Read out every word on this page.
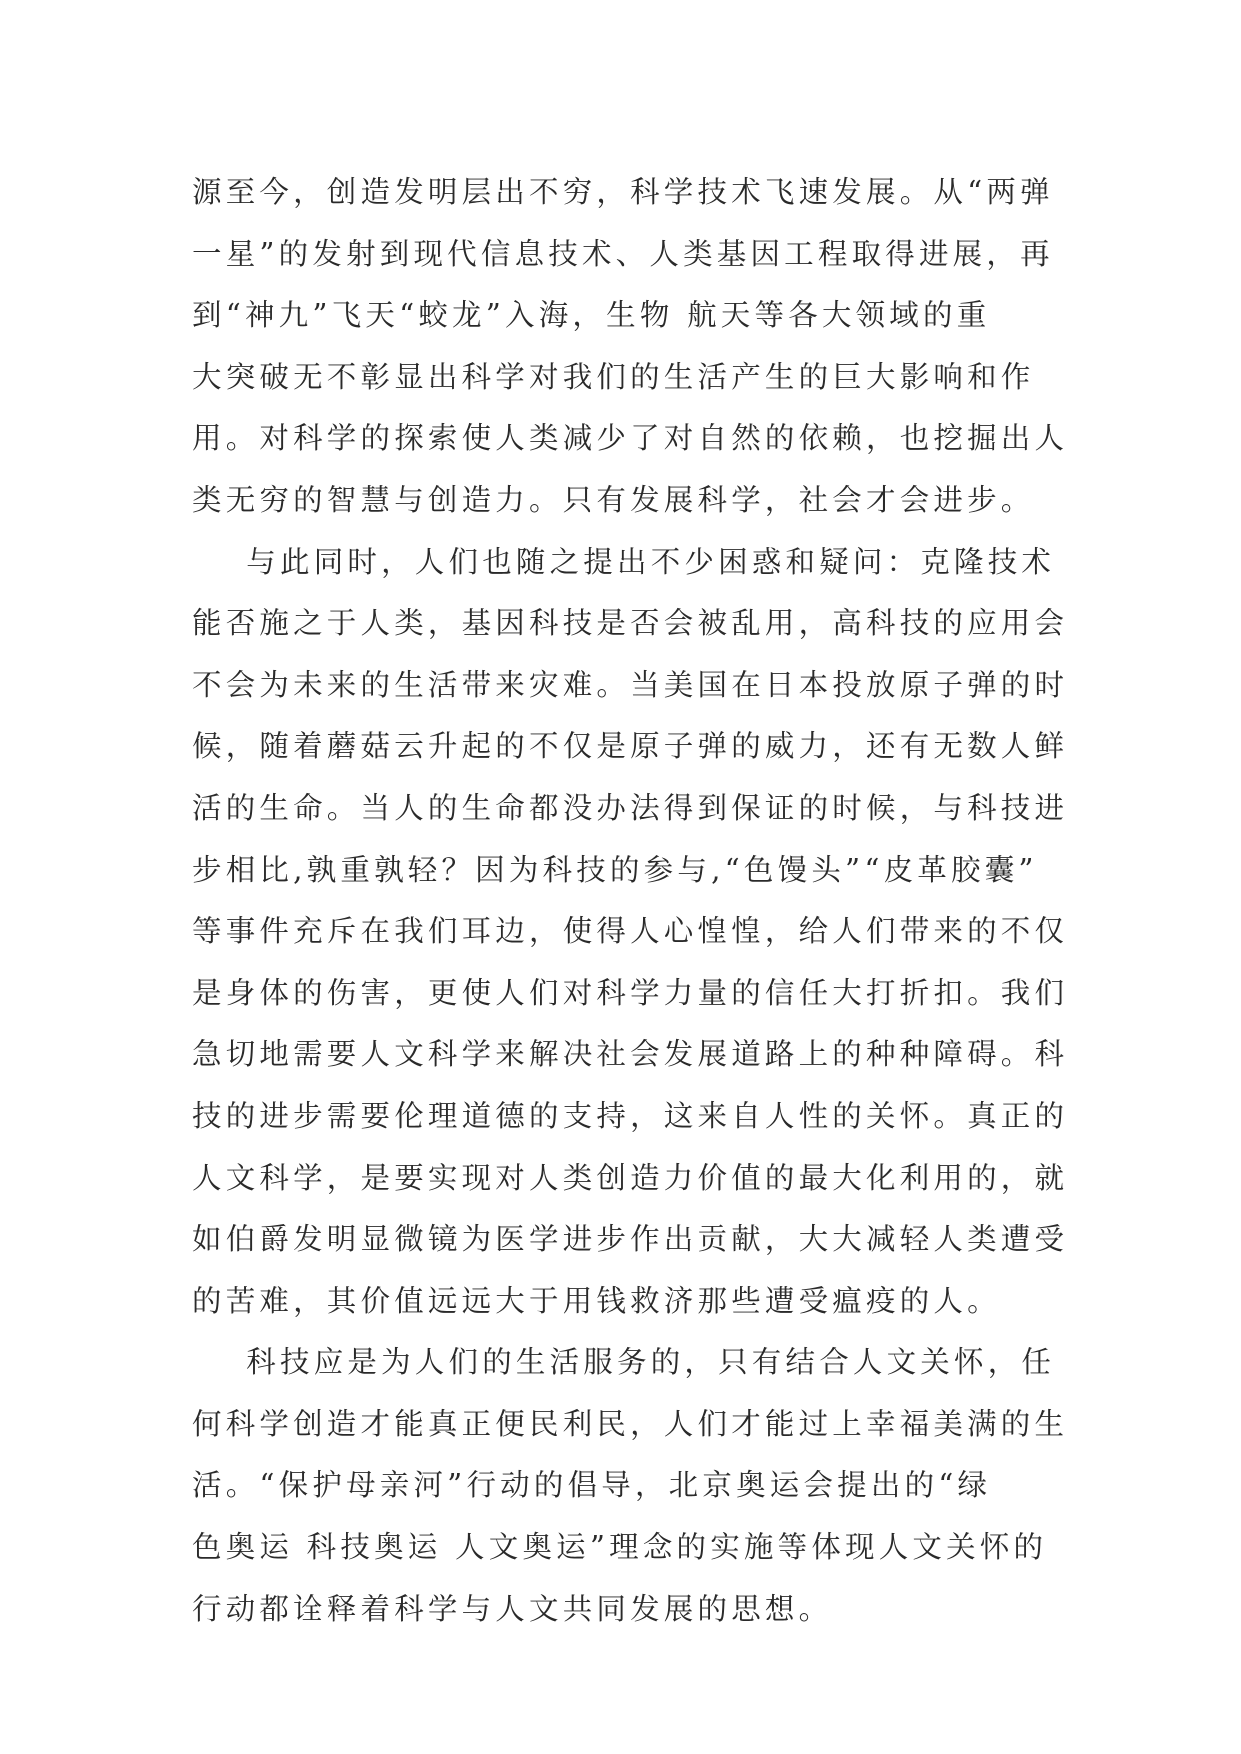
源至今，创造发明层出不穷，科学技术飞速发展。从“两弹
一星”的发射到现代信息技术、人类基因工程取得进展，再
到“神九”飞天“蛟龙”入海，生物 航天等各大领域的重
大突破无不彰显出科学对我们的生活产生的巨大影响和作
用。对科学的探索使人类减少了对自然的依赖，也挖掘出人
类无穷的智慧与创造力。只有发展科学，社会才会进步。
与此同时，人们也随之提出不少困惑和疑问：克隆技术
能否施之于人类，基因科技是否会被乱用，高科技的应用会
不会为未来的生活带来灾难。当美国在日本投放原子弹的时
候，随着蘑菇云升起的不仅是原子弹的威力，还有无数人鲜
活的生命。当人的生命都没办法得到保证的时候，与科技进
步相比,孰重孰轻？因为科技的参与,“色馒头”“皮革胶囊”
等事件充斥在我们耳边，使得人心惶惶，给人们带来的不仅
是身体的伤害，更使人们对科学力量的信任大打折扣。我们
急切地需要人文科学来解决社会发展道路上的种种障碍。科
技的进步需要伦理道德的支持，这来自人性的关怀。真正的
人文科学，是要实现对人类创造力价值的最大化利用的，就
如伯爵发明显微镜为医学进步作出贡献，大大减轻人类遭受
的苦难，其价值远远大于用钱救济那些遭受瘟疫的人。
科技应是为人们的生活服务的，只有结合人文关怀，任
何科学创造才能真正便民利民，人们才能过上幸福美满的生
活。“保护母亲河”行动的倡导，北京奥运会提出的“绿
色奥运 科技奥运 人文奥运”理念的实施等体现人文关怀的
行动都诠释着科学与人文共同发展的思想。
